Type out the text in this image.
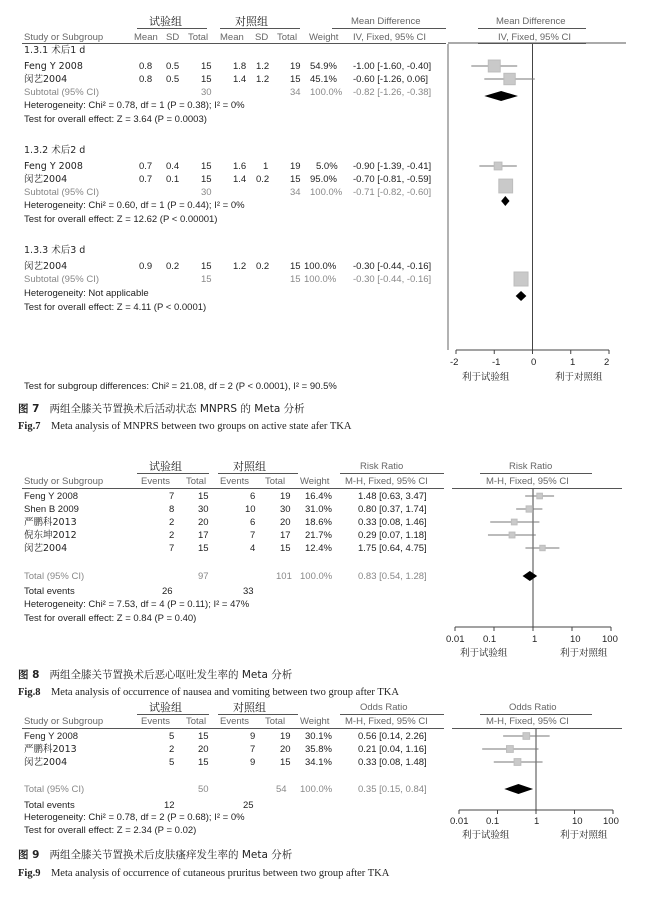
试验组	对照组	Mean Difference	Mean Difference
Study or Subgroup	Mean SD Total Mean SD Total Weight IV, Fixed, 95% CI	IV, Fixed, 95% CI
1.3.1 术后1 d
Feng Y 2008	0.8 0.5 15 1.8 1.2 19 54.9% -1.00 [-1.60, -0.40]
闵艺2004	0.8 0.5 15 1.4 1.2 15 45.1% -0.60 [-1.26, 0.06]
Subtotal (95% CI)	30	34 100.0% -0.82 [-1.26, -0.38]
Heterogeneity: Chi² = 0.78, df = 1 (P = 0.38); I² = 0%
Test for overall effect: Z = 3.64 (P = 0.0003)
1.3.2 术后2 d
Feng Y 2008	0.7 0.4 15 1.6 1 19 5.0% -0.90 [-1.39, -0.41]
闵艺2004	0.7 0.1 15 1.4 0.2 15 95.0% -0.70 [-0.81, -0.59]
Subtotal (95% CI)	30	34 100.0% -0.71 [-0.82, -0.60]
Heterogeneity: Chi² = 0.60, df = 1 (P = 0.44); I² = 0%
Test for overall effect: Z = 12.62 (P < 0.00001)
1.3.3 术后3 d
闵艺2004	0.9 0.2 15 1.2 0.2 15 100.0% -0.30 [-0.44, -0.16]
Subtotal (95% CI)	15	15 100.0% -0.30 [-0.44, -0.16]
Heterogeneity: Not applicable
Test for overall effect: Z = 4.11 (P < 0.0001)
Test for subgroup differences: Chi² = 21.08, df = 2 (P < 0.0001), I² = 90.5%
-2	-1	0	1	2
利于试验组	利于对照组
图 7 两组全膝关节置换术后活动状态 MNPRS 的 Meta 分析
Fig.7 Meta analysis of MNPRS between two groups on active state afer TKA
试验组	对照组	Risk Ratio	Risk Ratio
Study or Subgroup	Events Total Events Total Weight M-H, Fixed, 95% CI	M-H, Fixed, 95% CI
Feng Y 2008	7 15	6	19 16.4%	1.48 [0.63, 3.47]
Shen B 2009	8 30	10	30 31.0%	0.80 [0.37, 1.74]
严鹏科2013	2 20	6	20 18.6%	0.33 [0.08, 1.46]
倪东坤2012	2 17	7	17 21.7%	0.29 [0.07, 1.18]
闵艺2004	7 15	4	15 12.4%	1.75 [0.64, 4.75]
Total (95% CI)	97	101 100.0%	0.83 [0.54, 1.28]
Total events	26	33
Heterogeneity: Chi² = 7.53, df = 4 (P = 0.11); I² = 47%
Test for overall effect: Z = 0.84 (P = 0.40)
0.01 0.1	1	10 100
利于试验组	利于对照组
图 8 两组全膝关节置换术后恶心呕吐发生率的 Meta 分析
Fig.8 Meta analysis of occurrence of nausea and vomiting between two group after TKA
试验组	对照组	Odds Ratio	Odds Ratio
Study or Subgroup	Events Total Events Total Weight M-H, Fixed, 95% CI	M-H, Fixed, 95% CI
Feng Y 2008	5 15	9	19 30.1%	0.56 [0.14, 2.26]
严鹏科2013	2 20	7	20 35.8%	0.21 [0.04, 1.16]
闵艺2004	5 15	9	15 34.1%	0.33 [0.08, 1.48]
Total (95% CI)	50	54 100.0%	0.35 [0.15, 0.84]
Total events	12	25
Heterogeneity: Chi² = 0.78, df = 2 (P = 0.68); I² = 0%
Test for overall effect: Z = 2.34 (P = 0.02)
0.01 0.1	1	10 100
利于试验组	利于对照组
图 9 两组全膝关节置换术后皮肤瘙痒发生率的 Meta 分析
Fig.9 Meta analysis of occurrence of cutaneous pruritus between two group after TKA
